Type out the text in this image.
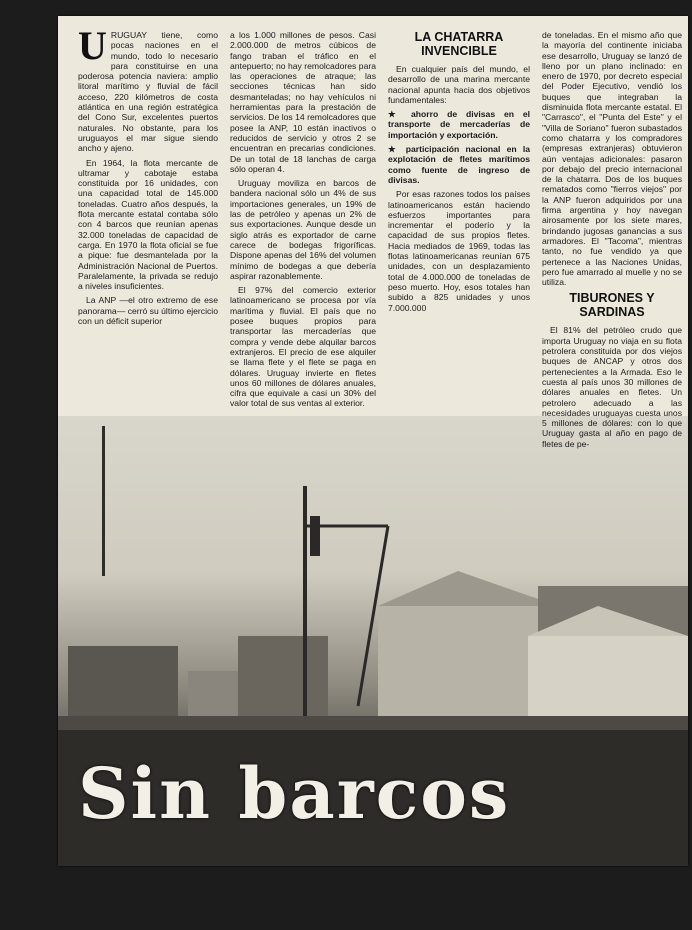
URUGUAY tiene, como pocas naciones en el mundo, todo lo necesario para constituirse en una poderosa potencia naviera: amplio litoral marítimo y fluvial de fácil acceso, 220 kilómetros de costa atlántica en una región estratégica del Cono Sur, excelentes puertos naturales. No obstante, para los uruguayos el mar sigue siendo ancho y ajeno.

En 1964, la flota mercante de ultramar y cabotaje estaba constituida por 16 unidades, con una capacidad total de 145.000 toneladas. Cuatro años después, la flota mercante estatal contaba sólo con 4 barcos que reunían apenas 32.000 toneladas de capacidad de carga. En 1970 la flota oficial se fue a pique: fue desmantelada por la Administración Nacional de Puertos. Paralelamente, la privada se redujo a niveles insuficientes.

La ANP —el otro extremo de ese panorama— cerró su último ejercicio con un déficit superior

a los 1.000 millones de pesos. Casi 2.000.000 de metros cúbicos de fango traban el tráfico en el antepuerto; no hay remolcadores para las operaciones de atraque; las secciones técnicas han sido desmanteladas; no hay vehículos ni herramientas para la prestación de servicios. De los 14 remolcadores que posee la ANP, 10 están inactivos o reducidos de servicio y otros 2 se encuentran en precarias condiciones. De un total de 18 lanchas de carga sólo operan 4.

Uruguay moviliza en barcos de bandera nacional sólo un 4% de sus importaciones generales, un 19% de las de petróleo y apenas un 2% de sus exportaciones. Aunque desde un siglo atrás es exportador de carne carece de bodegas frigoríficas. Dispone apenas del 16% del volumen mínimo de bodegas a que debería aspirar razonablemente.

El 97% del comercio exterior latinoamericano se procesa por vía marítima y fluvial. El país que no posee buques propios para transportar las mercaderías que compra y vende debe alquilar barcos extranjeros. El precio de ese alquiler se llama flete y el flete se paga en dólares. Uruguay invierte en fletes unos 60 millones de dólares anuales, cifra que equivale a casi un 30% del valor total de sus ventas al exterior.

LA CHATARRA INVENCIBLE

En cualquier país del mundo, el desarrollo de una marina mercante nacional apunta hacia dos objetivos fundamentales:

★ ahorro de divisas en el transporte de mercaderías de importación y exportación.

★ participación nacional en la explotación de fletes marítimos como fuente de ingreso de divisas.

Por esas razones todos los países latinoamericanos están haciendo esfuerzos importantes para incrementar el poderío y la capacidad de sus propios fletes. Hacia mediados de 1969, todas las flotas latinoamericanas reunían 675 unidades, con un desplazamiento total de 4.000.000 de toneladas de peso muerto. Hoy, esos totales han subido a 825 unidades y unos 7.000.000

de toneladas. En el mismo año que la mayoría del continente iniciaba ese desarrollo, Uruguay se lanzó de lleno por un plano inclinado: en enero de 1970, por decreto especial del Poder Ejecutivo, vendió los buques que integraban la disminuida flota mercante estatal. El "Carrasco", el "Punta del Este" y el "Villa de Soriano" fueron subastados como chatarra y los compradores (empresas extranjeras) obtuvieron aún ventajas adicionales: pasaron por debajo del precio internacional de la chatarra. Dos de los buques rematados como "fierros viejos" por la ANP fueron adquiridos por una firma argentina y hoy navegan airosamente por los siete mares, brindando jugosas ganancias a sus armadores. El "Tacoma", mientras tanto, no fue vendido ya que pertenece a las Naciones Unidas, pero fue amarrado al muelle y no se utiliza.

TIBURONES Y SARDINAS

El 81% del petróleo crudo que importa Uruguay no viaja en su flota petrolera constituida por dos viejos buques de ANCAP y otros dos pertenecientes a la Armada. Eso le cuesta al país unos 30 millones de dólares anuales en fletes. Un petrolero adecuado a las necesidades uruguayas cuesta unos 5 millones de dólares: con lo que Uruguay gasta al año en pago de fletes de pe-

Sin barcos
